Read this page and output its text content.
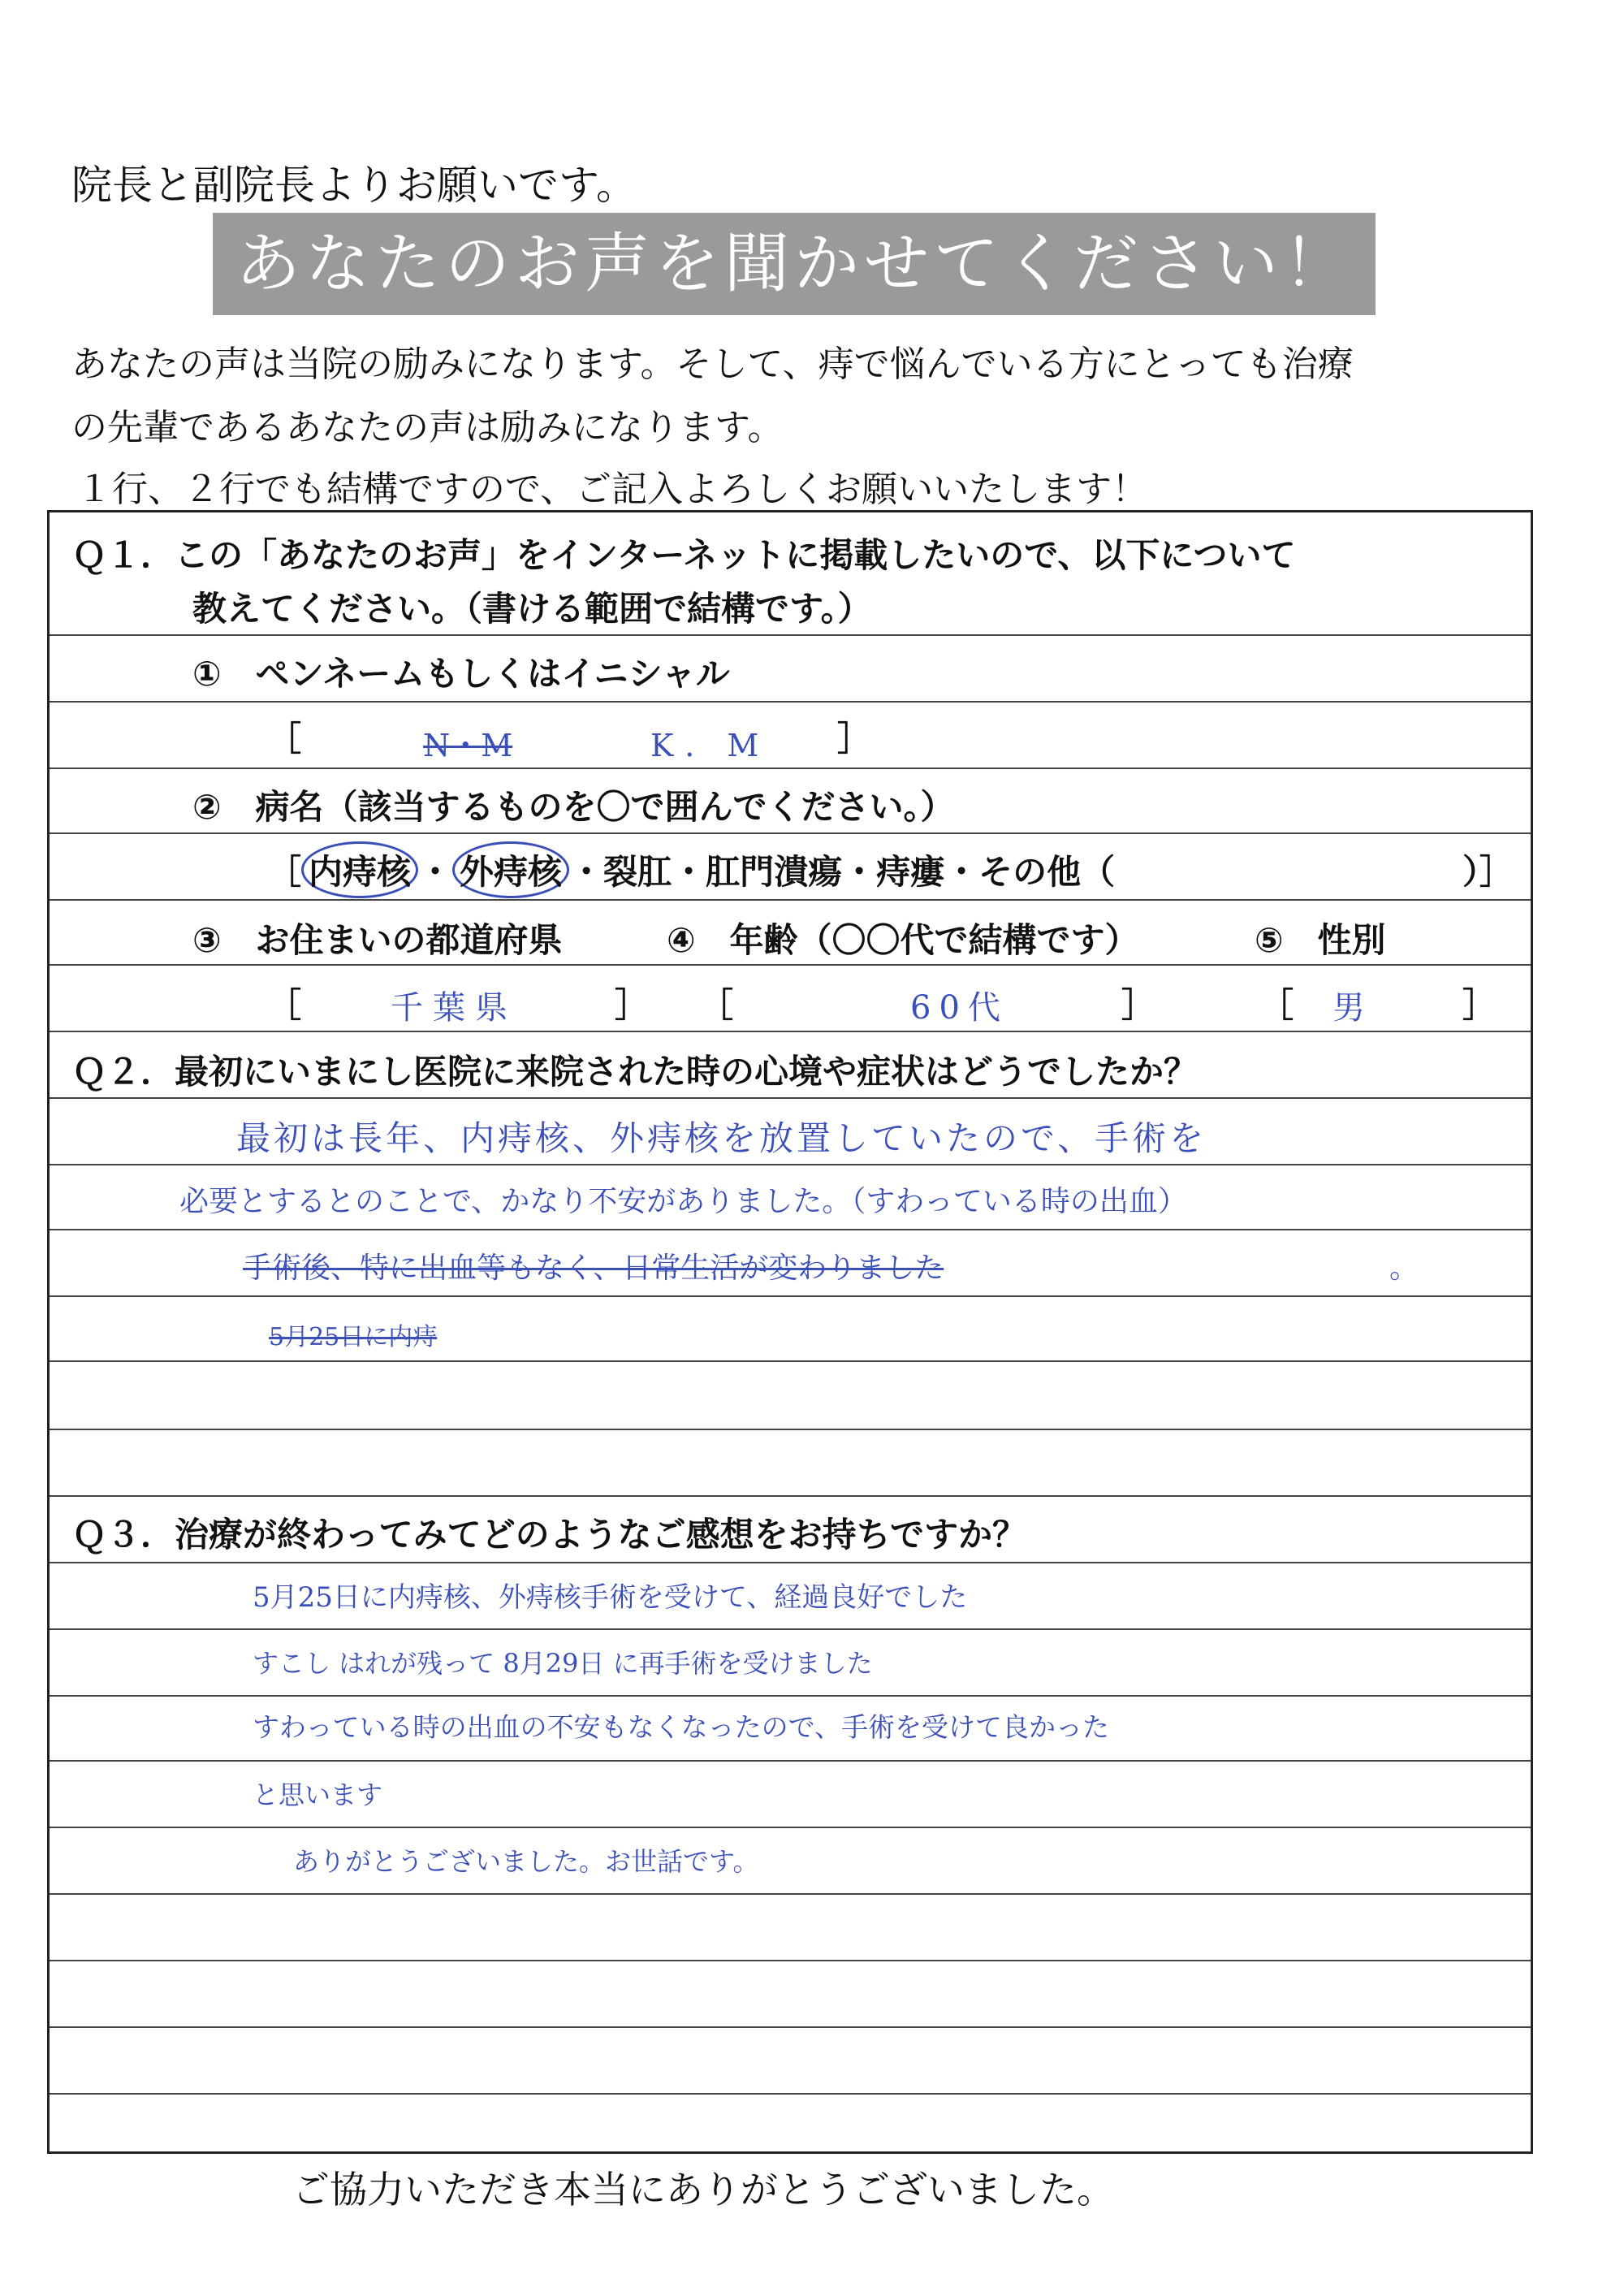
院長と副院長よりお願いです。
あなたのお声を聞かせてください！
あなたの声は当院の励みになります。そして、痔で悩んでいる方にとっても治療
の先輩であるあなたの声は励みになります。
１行、２行でも結構ですので、ご記入よろしくお願いいたします！
Ｑ１．この「あなたのお声」をインターネットに掲載したいので、以下について
教えてください。（書ける範囲で結構です。）
①　ペンネームもしくはイニシャル
［	N・M	K．M ］
②　病名（該当するものを〇で囲んでください。）
［ 内痔核 ・ 外痔核 ・裂肛・肛門潰瘍・痔瘻・その他（	）］
③　お住まいの都道府県	④　年齢（〇〇代で結構です）	⑤　性別
［	千葉県	］ ［	60代	］	［ 男	］
Ｑ２．最初にいまにし医院に来院された時の心境や症状はどうでしたか？
最初は長年、内痔核、外痔核を放置していたので、手術を
必要とするとのことで、かなり不安がありました。（すわっている時の出血）
手術後、特に出血等もなく、日常生活が変わりました	。
5月25日に内痔
Ｑ３．治療が終わってみてどのようなご感想をお持ちですか？
5月25日に内痔核、外痔核手術を受けて、経過良好でした
すこし はれが残って 8月29日 に再手術を受けました
すわっている時の出血の不安もなくなったので、手術を受けて良かった
と思います
ありがとうございました。お世話です。
ご協力いただき本当にありがとうございました。
